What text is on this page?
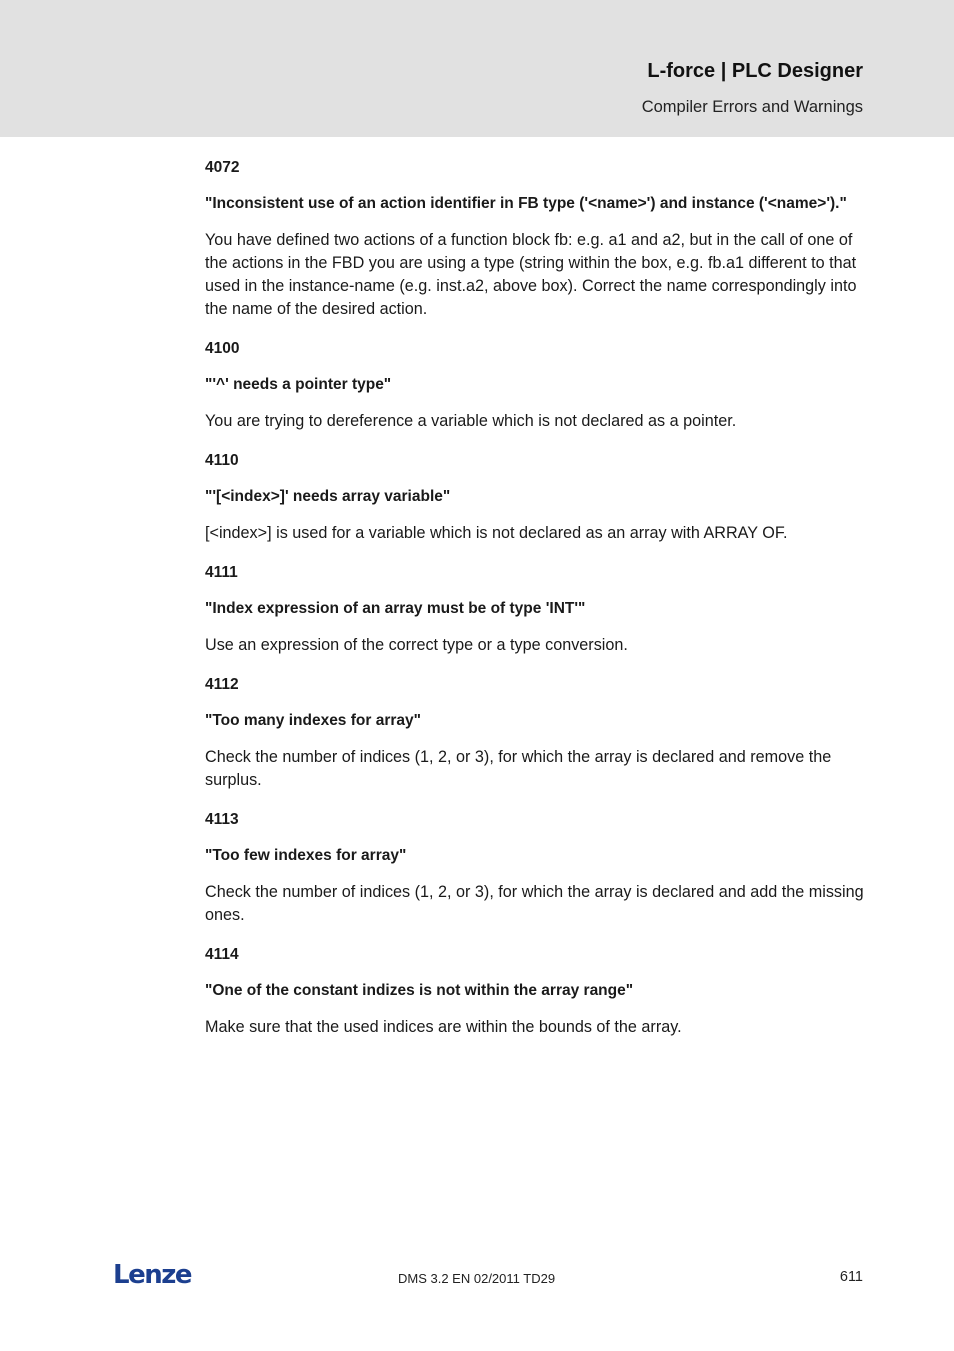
L-force | PLC Designer
Compiler Errors and Warnings
4072
"Inconsistent use of an action identifier in FB type ('<name>') and instance ('<name>')."
You have defined two actions of a function block fb: e.g. a1 and a2, but in the call of one of the actions in the FBD you are using a type (string within the box, e.g. fb.a1 different to that used in the instance-name (e.g. inst.a2, above box). Correct the name correspondingly into the name of the desired action.
4100
"'^' needs a pointer type"
You are trying to dereference a variable which is not declared as a pointer.
4110
"'[<index>]' needs array variable"
[<index>] is used for a variable which is not declared as an array with ARRAY OF.
4111
"Index expression of an array must be of type 'INT'"
Use an expression of the correct type or a type conversion.
4112
"Too many indexes for array"
Check the number of indices (1, 2, or 3), for which the array is declared and remove the surplus.
4113
"Too few indexes for array"
Check the number of indices (1, 2, or 3), for which the array is declared and add the missing ones.
4114
"One of the constant indizes is not within the array range"
Make sure that the used indices are within the bounds of the array.
Lenze	DMS 3.2 EN 02/2011 TD29	611
